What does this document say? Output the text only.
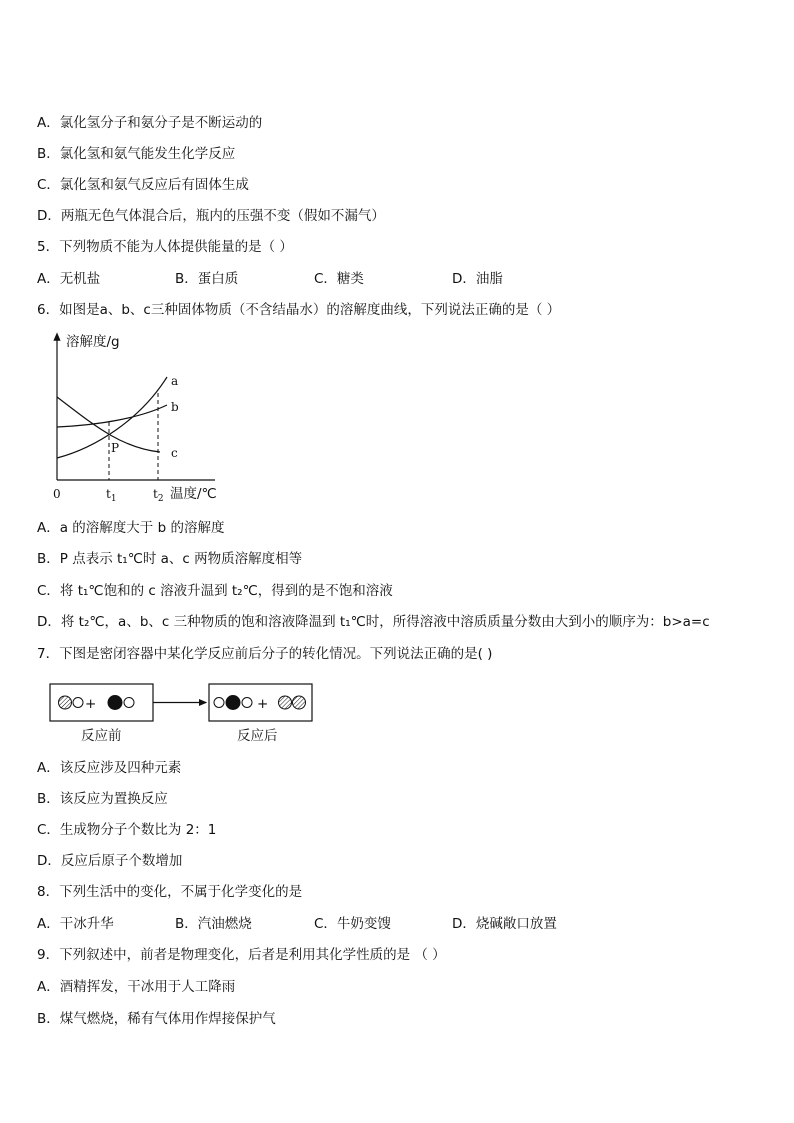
A．氯化氢分子和氨分子是不断运动的
B．氯化氢和氨气能发生化学反应
C．氯化氢和氨气反应后有固体生成
D．两瓶无色气体混合后，瓶内的压强不变（假如不漏气）
5．下列物质不能为人体提供能量的是（ ）
A．无机盐	B．蛋白质	C．糖类	D．油脂
6．如图是a、b、c三种固体物质（不含结晶水）的溶解度曲线，下列说法正确的是（ ）
溶解度/g
a
b
c
P
0	$t_1$	$t_2$ 温度/℃
A．a 的溶解度大于 b 的溶解度
B．P 点表示 t₁℃时 a、c 两物质溶解度相等
C．将 t₁℃饱和的 c 溶液升温到 t₂℃，得到的是不饱和溶液
D．将 t₂℃，a、b、c 三种物质的饱和溶液降温到 t₁℃时，所得溶液中溶质质量分数由大到小的顺序为：b>a=c
7．下图是密闭容器中某化学反应前后分子的转化情况。下列说法正确的是( )
+	+
反应前	反应后
A．该反应涉及四种元素
B．该反应为置换反应
C．生成物分子个数比为 2：1
D．反应后原子个数增加
8．下列生活中的变化，不属于化学变化的是
A．干冰升华	B．汽油燃烧	C．牛奶变馊	D．烧碱敞口放置
9．下列叙述中，前者是物理变化，后者是利用其化学性质的是 （ ）
A．酒精挥发，干冰用于人工降雨
B．煤气燃烧，稀有气体用作焊接保护气
